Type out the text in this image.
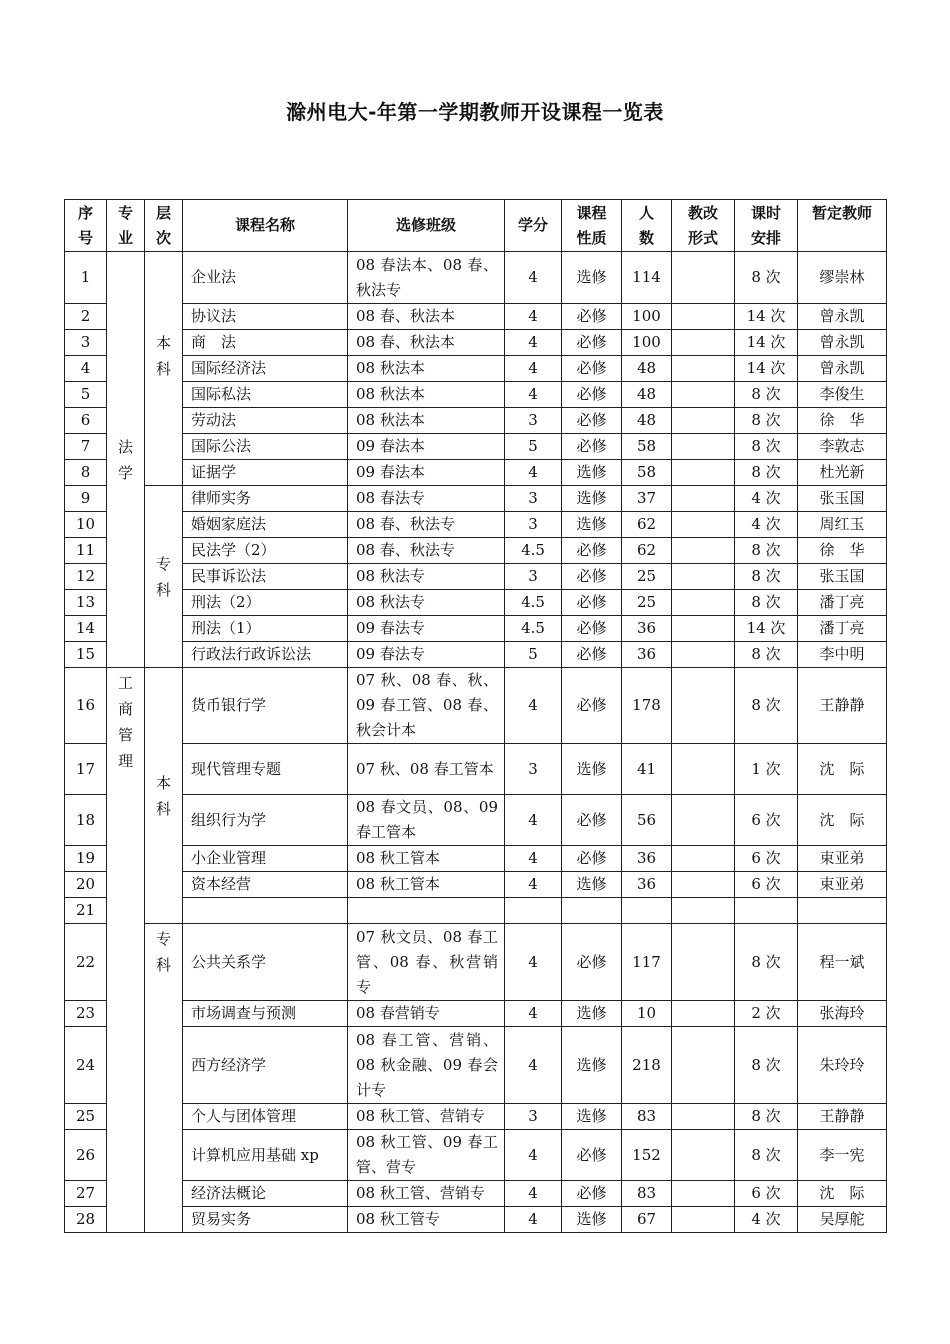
滁州电大-年第一学期教师开设课程一览表
序号	专业	层次	课程名称	选修班级	学分	课程性质	人数	教改形式	课时安排	暂定教师
1	法学	本科	企业法	08 春法本、08 春、秋法专	4	选修	114		8 次	缪崇林
2			协议法	08 春、秋法本	4	必修	100		14 次	曾永凯
3			商　法	08 春、秋法本	4	必修	100		14 次	曾永凯
4			国际经济法	08 秋法本	4	必修	48		14 次	曾永凯
5			国际私法	08 秋法本	4	必修	48		8 次	李俊生
6			劳动法	08 秋法本	3	必修	48		8 次	徐　华
7			国际公法	09 春法本	5	必修	58		8 次	李敦志
8			证据学	09 春法本	4	选修	58		8 次	杜光新
9		专科	律师实务	08 春法专	3	选修	37		4 次	张玉国
10			婚姻家庭法	08 春、秋法专	3	选修	62		4 次	周红玉
11			民法学（2）	08 春、秋法专	4.5	必修	62		8 次	徐　华
12			民事诉讼法	08 秋法专	3	必修	25		8 次	张玉国
13			刑法（2）	08 秋法专	4.5	必修	25		8 次	潘丁亮
14			刑法（1）	09 春法专	4.5	必修	36		14 次	潘丁亮
15			行政法行政诉讼法	09 春法专	5	必修	36		8 次	李中明
16	工商管理	本科	货币银行学	07 秋、08 春、秋、09 春工管、08 春、秋会计本	4	必修	178		8 次	王静静
17			现代管理专题	07 秋、08 春工管本	3	选修	41		1 次	沈　际
18			组织行为学	08 春文员、08、09 春工管本	4	必修	56		6 次	沈　际
19			小企业管理	08 秋工管本	4	必修	36		6 次	束亚弟
20			资本经营	08 秋工管本	4	选修	36		6 次	束亚弟
21										
22		专科	公共关系学	07 秋文员、08 春工管、08 春、秋营销专	4	必修	117		8 次	程一斌
23			市场调查与预测	08 春营销专	4	选修	10		2 次	张海玲
24			西方经济学	08 春工管、营销、08 秋金融、09 春会计专	4	选修	218		8 次	朱玲玲
25			个人与团体管理	08 秋工管、营销专	3	选修	83		8 次	王静静
26			计算机应用基础 xp	08 秋工管、09 春工管、营专	4	必修	152		8 次	李一宪
27			经济法概论	08 秋工管、营销专	4	必修	83		6 次	沈　际
28			贸易实务	08 秋工管专	4	选修	67		4 次	吴厚舵
